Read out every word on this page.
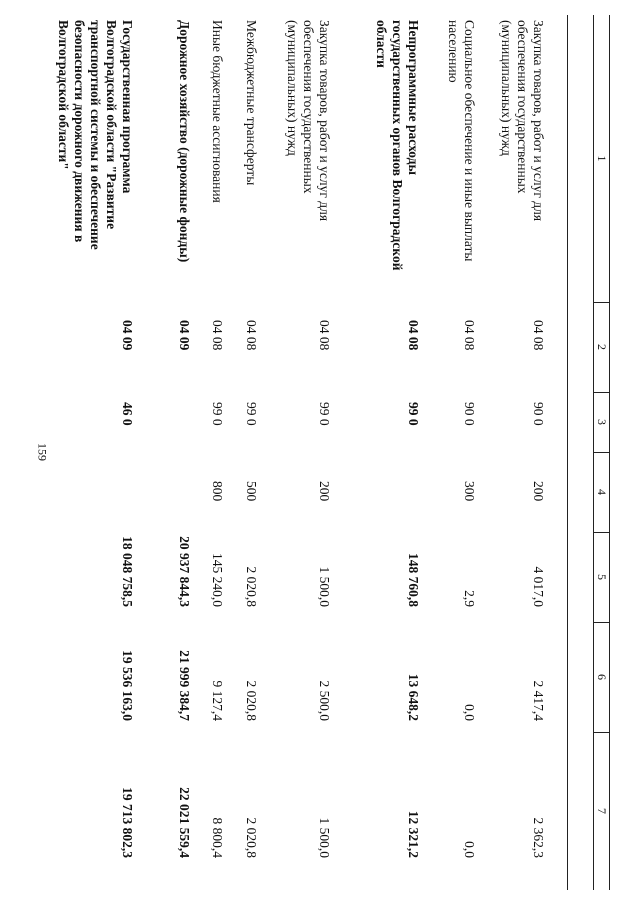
159
1
2
3
4
5
6
7
Закупка товаров, работ и услуг для обеспечения государственных (муниципальных) нужд
04 08
90 0
200
4 017,0
2 417,4
2 362,3
Социальное обеспечение и иные выплаты населению
04 08
90 0
300
2,9
0,0
0,0
Непрограммные расходы государственных органов Волгоградской области
04 08
99 0
148 760,8
13 648,2
12 321,2
Закупка товаров, работ и услуг для обеспечения государственных (муниципальных) нужд
04 08
99 0
200
1 500,0
2 500,0
1 500,0
Межбюджетные трансферты
04 08
99 0
500
2 020,8
2 020,8
2 020,8
Иные бюджетные ассигнования
04 08
99 0
800
145 240,0
9 127,4
8 800,4
Дорожное хозяйство (дорожные фонды)
04 09
20 937 844,3
21 999 384,7
22 021 559,4
Государственная программа Волгоградской области "Развитие транспортной системы и обеспечение безопасности дорожного движения в Волгоградской области"
04 09
46 0
18 048 758,5
19 536 163,0
19 713 802,3
